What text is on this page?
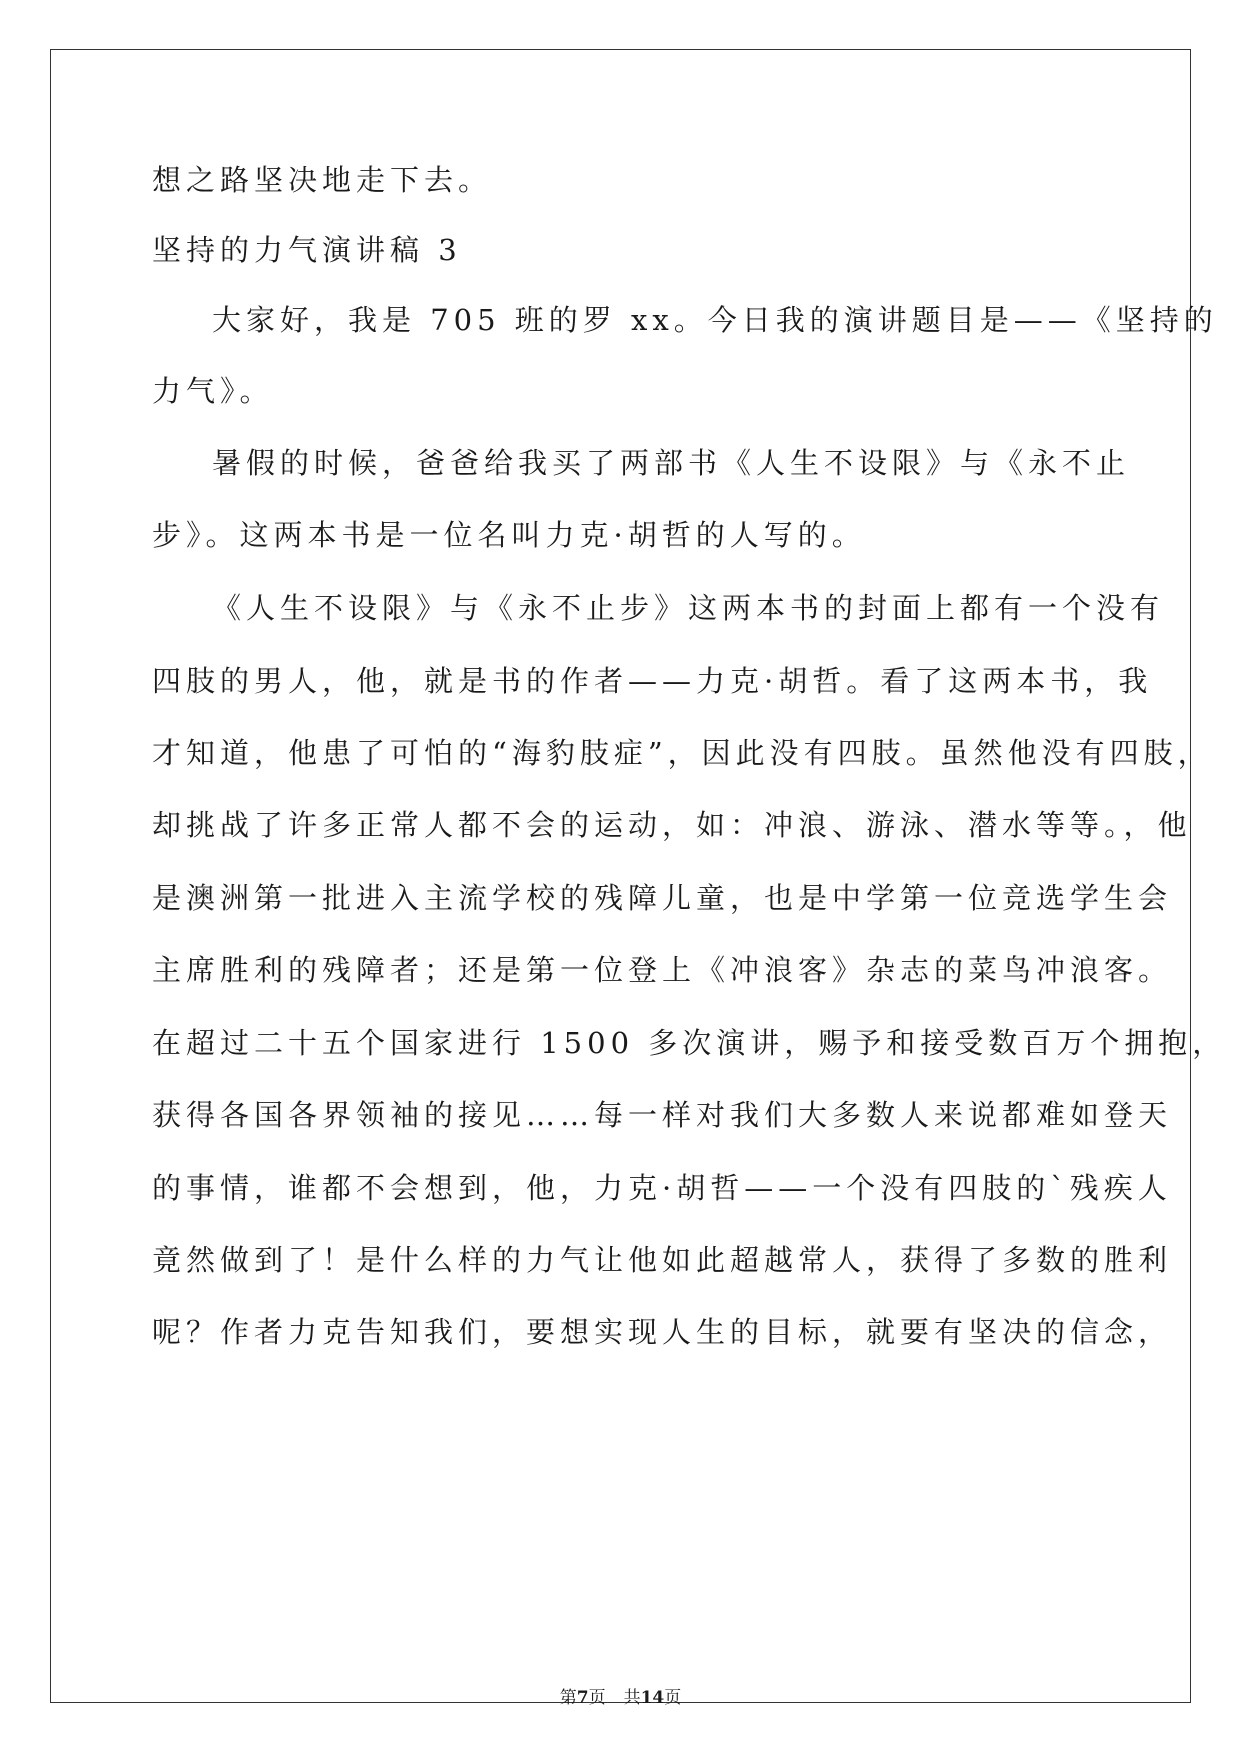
想之路坚决地走下去。
坚持的力气演讲稿 3
大家好，我是 705 班的罗 xx。今日我的演讲题目是——《坚持的
力气》。
暑假的时候，爸爸给我买了两部书《人生不设限》与《永不止
步》。这两本书是一位名叫力克·胡哲的人写的。
《人生不设限》与《永不止步》这两本书的封面上都有一个没有
四肢的男人，他，就是书的作者——力克·胡哲。看了这两本书，我
才知道，他患了可怕的“海豹肢症”，因此没有四肢。虽然他没有四肢，
却挑战了许多正常人都不会的运动，如：冲浪、游泳、潜水等等。，他
是澳洲第一批进入主流学校的残障儿童，也是中学第一位竞选学生会
主席胜利的残障者；还是第一位登上《冲浪客》杂志的菜鸟冲浪客。
在超过二十五个国家进行 1500 多次演讲，赐予和接受数百万个拥抱，
获得各国各界领袖的接见……每一样对我们大多数人来说都难如登天
的事情，谁都不会想到，他，力克·胡哲——一个没有四肢的`残疾人
竟然做到了！是什么样的力气让他如此超越常人，获得了多数的胜利
呢？作者力克告知我们，要想实现人生的目标，就要有坚决的信念，
第7页 共14页
